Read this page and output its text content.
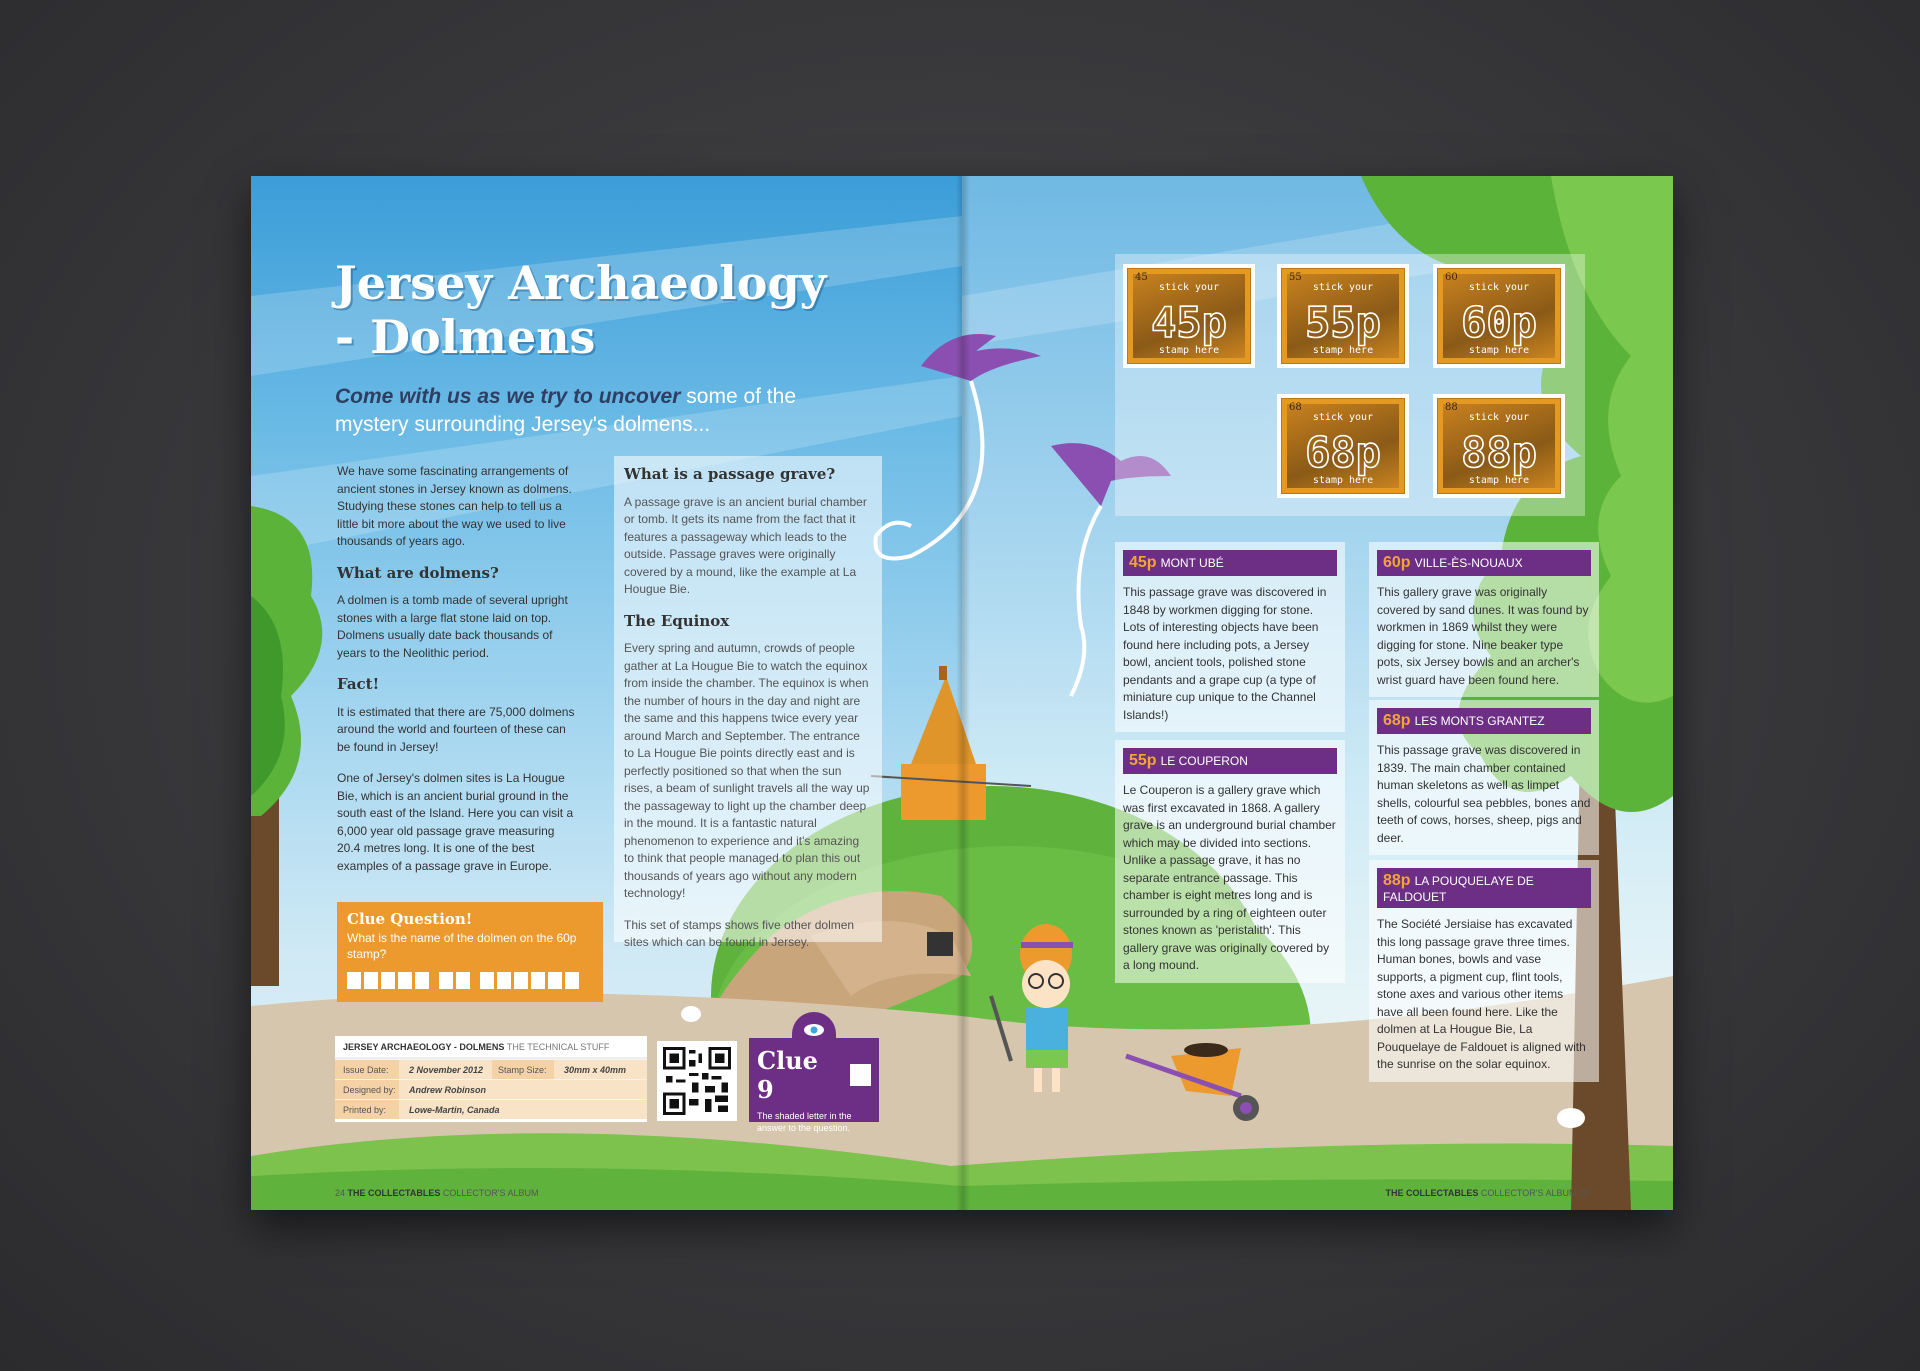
Jersey Archaeology
- Dolmens
Come with us as we try to uncover some of the mystery surrounding Jersey's dolmens...

We have some fascinating arrangements of ancient stones in Jersey known as dolmens. Studying these stones can help to tell us a little bit more about the way we used to live thousands of years ago.

What are dolmens?

A dolmen is a tomb made of several upright stones with a large flat stone laid on top. Dolmens usually date back thousands of years to the Neolithic period.

Fact!

It is estimated that there are 75,000 dolmens around the world and fourteen of these can be found in Jersey!

One of Jersey's dolmen sites is La Hougue Bie, which is an ancient burial ground in the south east of the Island. Here you can visit a 6,000 year old passage grave measuring 20.4 metres long. It is one of the best examples of a passage grave in Europe.

What is a passage grave?

A passage grave is an ancient burial chamber or tomb. It gets its name from the fact that it features a passageway which leads to the outside. Passage graves were originally covered by a mound, like the example at La Hougue Bie.

The Equinox

Every spring and autumn, crowds of people gather at La Hougue Bie to watch the equinox from inside the chamber. The equinox is when the number of hours in the day and night are the same and this happens twice every year around March and September. The entrance to La Hougue Bie points directly east and is perfectly positioned so that when the sun rises, a beam of sunlight travels all the way up the passageway to light up the chamber deep in the mound. It is a fantastic natural phenomenon to experience and it's amazing to think that people managed to plan this out thousands of years ago without any modern technology!

This set of stamps shows five other dolmen sites which can be found in Jersey.

Clue Question!
What is the name of the dolmen on the 60p stamp?
JERSEY ARCHAEOLOGY - DOLMENS THE TECHNICAL STUFF
Issue Date:	2 November 2012	Stamp Size:	30mm x 40mm
Designed by:	Andrew Robinson
Printed by:	Lowe-Martin, Canada
Clue 9
The shaded letter in the answer to the question.
24 THE COLLECTABLES COLLECTOR'S ALBUM
45
stick your
45p
stamp here
55
stick your
55p
stamp here
60
stick your
60p
stamp here
68
stick your
68p
stamp here
88
stick your
88p
stamp here
45p MONT UBÉ

This passage grave was discovered in 1848 by workmen digging for stone. Lots of interesting objects have been found here including pots, a Jersey bowl, ancient tools, polished stone pendants and a grape cup (a type of miniature cup unique to the Channel Islands!)

55p LE COUPERON

Le Couperon is a gallery grave which was first excavated in 1868. A gallery grave is an underground burial chamber which may be divided into sections. Unlike a passage grave, it has no separate entrance passage. This chamber is eight metres long and is surrounded by a ring of eighteen outer stones known as 'peristalith'. This gallery grave was originally covered by a long mound.

60p VILLE-ÈS-NOUAUX

This gallery grave was originally covered by sand dunes. It was found by workmen in 1869 whilst they were digging for stone. Nine beaker type pots, six Jersey bowls and an archer's wrist guard have been found here.

68p LES MONTS GRANTEZ

This passage grave was discovered in 1839. The main chamber contained human skeletons as well as limpet shells, colourful sea pebbles, bones and teeth of cows, horses, sheep, pigs and deer.

88p LA POUQUELAYE DE FALDOUET

The Société Jersiaise has excavated this long passage grave three times. Human bones, bowls and vase supports, a pigment cup, flint tools, stone axes and various other items have all been found here. Like the dolmen at La Hougue Bie, La Pouquelaye de Faldouet is aligned with the sunrise on the solar equinox.

THE COLLECTABLES COLLECTOR'S ALBUM 25
